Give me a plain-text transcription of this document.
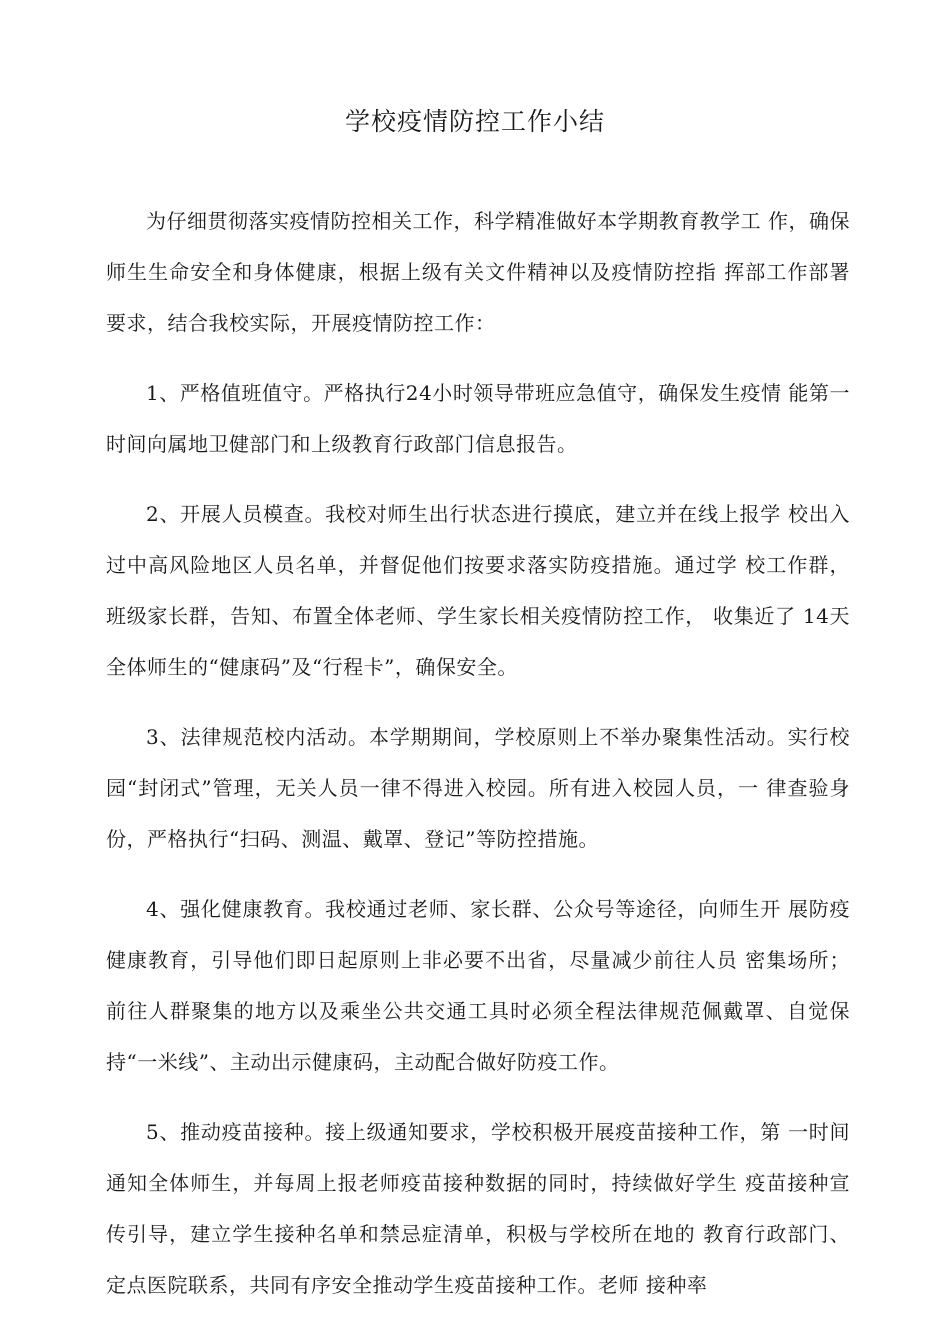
学校疫情防控工作小结

为仔细贯彻落实疫情防控相关工作，科学精准做好本学期教育教学工 作，确保师生生命安全和身体健康，根据上级有关文件精神以及疫情防控指 挥部工作部署要求，结合我校实际，开展疫情防控工作：

1、严格值班值守。严格执行24小时领导带班应急值守，确保发生疫情 能第一时间向属地卫健部门和上级教育行政部门信息报告。

2、开展人员模查。我校对师生出行状态进行摸底，建立并在线上报学 校出入过中高风险地区人员名单，并督促他们按要求落实防疫措施。通过学 校工作群，班级家长群，告知、布置全体老师、学生家长相关疫情防控工作， 收集近了 14天全体师生的“健康码”及“行程卡”，确保安全。

3、法律规范校内活动。本学期期间，学校原则上不举办聚集性活动。实行校园“封闭式”管理，无关人员一律不得进入校园。所有进入校园人员，一 律查验身份，严格执行“扫码、测温、戴罩、登记”等防控措施。

4、强化健康教育。我校通过老师、家长群、公众号等途径，向师生开 展防疫健康教育，引导他们即日起原则上非必要不出省，尽量减少前往人员 密集场所；前往人群聚集的地方以及乘坐公共交通工具时必须全程法律规范佩戴罩、自觉保持“一米线”、主动出示健康码，主动配合做好防疫工作。

5、推动疫苗接种。接上级通知要求，学校积极开展疫苗接种工作，第 一时间通知全体师生，并每周上报老师疫苗接种数据的同时，持续做好学生 疫苗接种宣传引导，建立学生接种名单和禁忌症清单，积极与学校所在地的 教育行政部门、定点医院联系，共同有序安全推动学生疫苗接种工作。老师 接种率
